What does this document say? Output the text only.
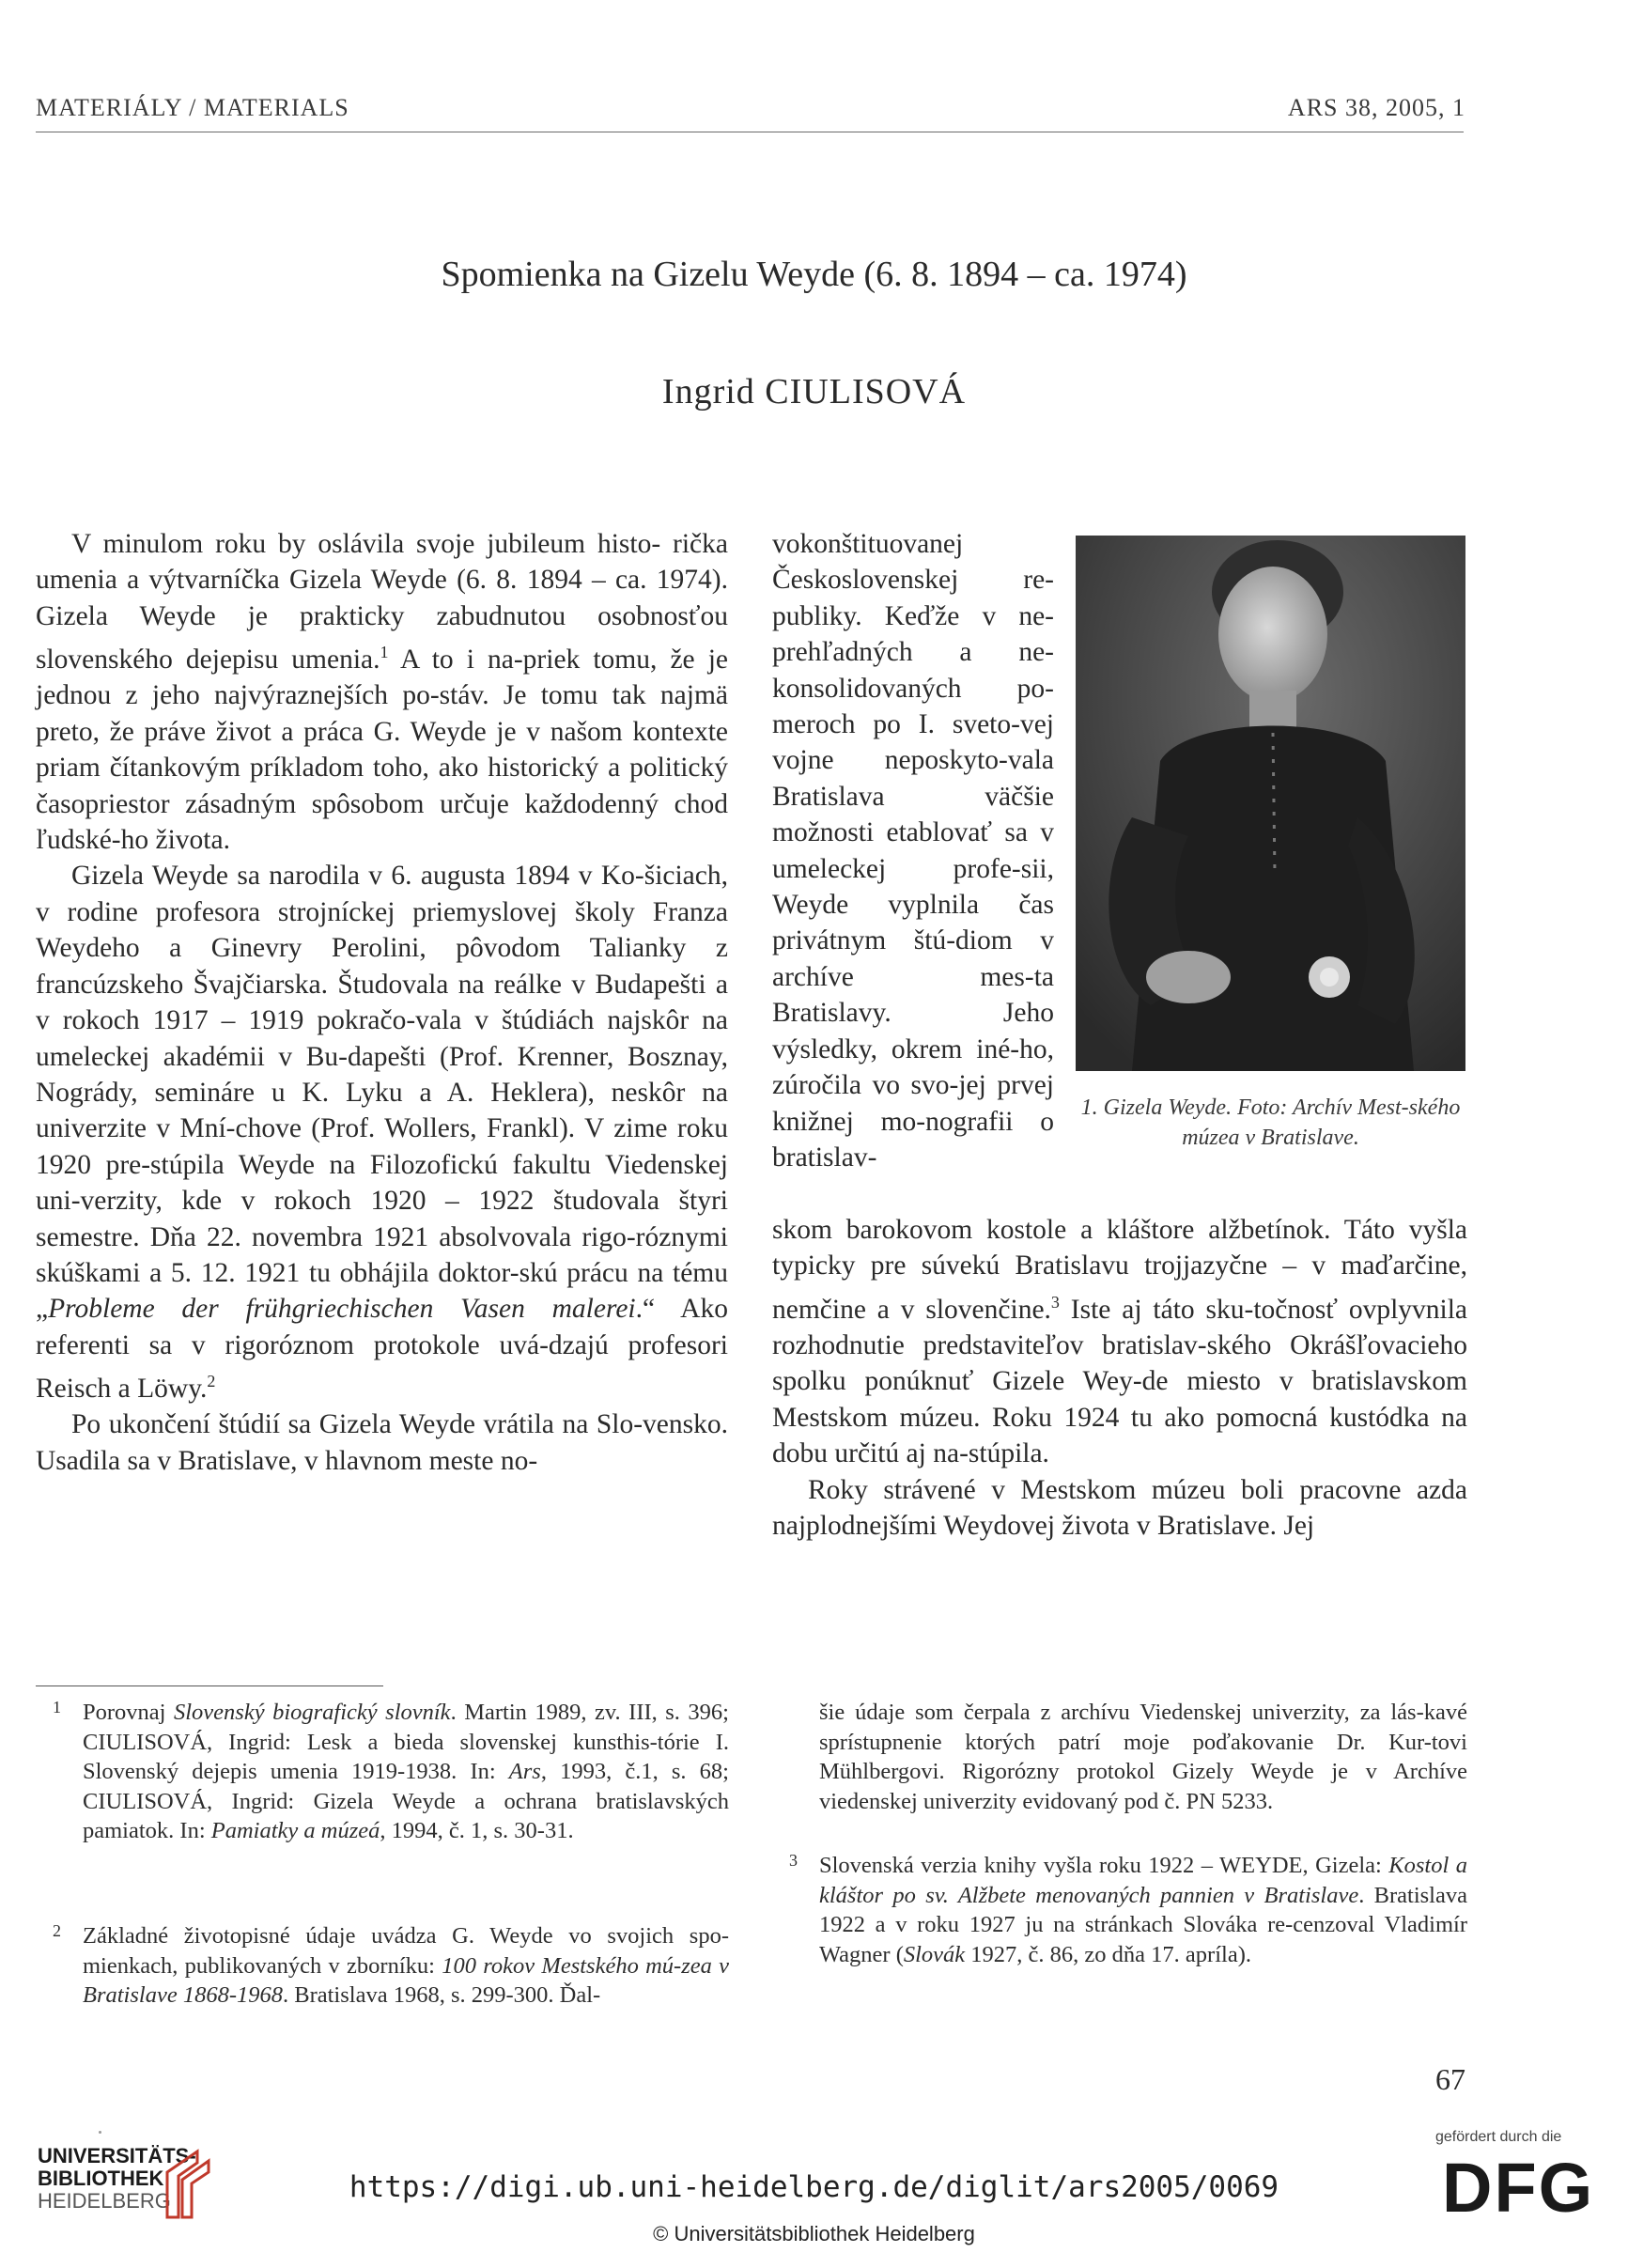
MATERIÁLY / MATERIALS	ARS 38, 2005, 1
Spomienka na Gizelu Weyde (6. 8. 1894 – ca. 1974)
Ingrid CIULISOVÁ

V minulom roku by oslávila svoje jubileum histo- rička umenia a výtvarníčka Gizela Weyde (6. 8. 1894 – ca. 1974). Gizela Weyde je prakticky zabudnutou osobnosťou slovenského dejepisu umenia.$^1$ A to i na-priek tomu, že je jednou z jeho najvýraznejších po-stáv. Je tomu tak najmä preto, že práve život a práca G. Weyde je v našom kontexte priam čítankovým príkladom toho, ako historický a politický časopriestor zásadným spôsobom určuje každodenný chod ľudské-ho života.

Gizela Weyde sa narodila v 6. augusta 1894 v Ko-šiciach, v rodine profesora strojníckej priemyslovej školy Franza Weydeho a Ginevry Perolini, pôvodom Talianky z francúzskeho Švajčiarska. Študovala na reálke v Budapešti a v rokoch 1917 – 1919 pokračo-vala v štúdiách najskôr na umeleckej akadémii v Bu-dapešti (Prof. Krenner, Bosznay, Nogrády, semináre u K. Lyku a A. Heklera), neskôr na univerzite v Mní-chove (Prof. Wollers, Frankl). V zime roku 1920 pre-stúpila Weyde na Filozofickú fakultu Viedenskej uni-verzity, kde v rokoch 1920 – 1922 študovala štyri semestre. Dňa 22. novembra 1921 absolvovala rigo-róznymi skúškami a 5. 12. 1921 tu obhájila doktor-skú prácu na tému „Probleme der frühgriechischen Vasen malerei.“ Ako referenti sa v rigoróznom protokole uvá-dzajú profesori Reisch a Löwy.$^2$

Po ukončení štúdií sa Gizela Weyde vrátila na Slo-vensko. Usadila sa v Bratislave, v hlavnom meste no-

vokonštituovanej Československej re-publiky. Keďže v ne-prehľadných a ne-konsolidovaných po-meroch po I. sveto-vej vojne neposkyto-vala Bratislava väčšie možnosti etablovať sa v umeleckej profe-sii, Weyde vyplnila čas privátnym štú-diom v archíve mes-ta Bratislavy. Jeho výsledky, okrem iné-ho, zúročila vo svo-jej prvej knižnej mo-nografii o bratislav-

1. Gizela Weyde. Foto: Archív Mest-ského múzea v Bratislave.

skom barokovom kostole a kláštore alžbetínok. Táto vyšla typicky pre súvekú Bratislavu trojjazyčne – v maďarčine, nemčine a v slovenčine.$^3$ Iste aj táto sku-točnosť ovplyvnila rozhodnutie predstaviteľov bratislav-ského Okrášľovacieho spolku ponúknuť Gizele Wey-de miesto v bratislavskom Mestskom múzeu. Roku 1924 tu ako pomocná kustódka na dobu určitú aj na-stúpila.

Roky strávené v Mestskom múzeu boli pracovne azda najplodnejšími Weydovej života v Bratislave. Jej

1 Porovnaj Slovenský biografický slovník. Martin 1989, zv. III, s. 396; CIULISOVÁ, Ingrid: Lesk a bieda slovenskej kunsthis-tórie I. Slovenský dejepis umenia 1919-1938. In: Ars, 1993, č.1, s. 68; CIULISOVÁ, Ingrid: Gizela Weyde a ochrana bratislavských pamiatok. In: Pamiatky a múzeá, 1994, č. 1, s. 30-31.

2 Základné životopisné údaje uvádza G. Weyde vo svojich spo-mienkach, publikovaných v zborníku: 100 rokov Mestského mú-zea v Bratislave 1868-1968. Bratislava 1968, s. 299-300. Ďal-

šie údaje som čerpala z archívu Viedenskej univerzity, za lás-kavé sprístupnenie ktorých patrí moje poďakovanie Dr. Kur-tovi Mühlbergovi. Rigorózny protokol Gizely Weyde je v Archíve viedenskej univerzity evidovaný pod č. PN 5233.

3 Slovenská verzia knihy vyšla roku 1922 – WEYDE, Gizela: Kostol a kláštor po sv. Alžbete menovaných pannien v Bratislave. Bratislava 1922 a v roku 1927 ju na stránkach Slováka re-cenzoval Vladimír Wagner (Slovák 1927, č. 86, zo dňa 17. apríla).

67
UNIVERSITÄTS-
BIBLIOTHEK
HEIDELBERG	https://digi.ub.uni-heidelberg.de/diglit/ars2005/0069
© Universitätsbibliothek Heidelberg
gefördert durch die
DFG
